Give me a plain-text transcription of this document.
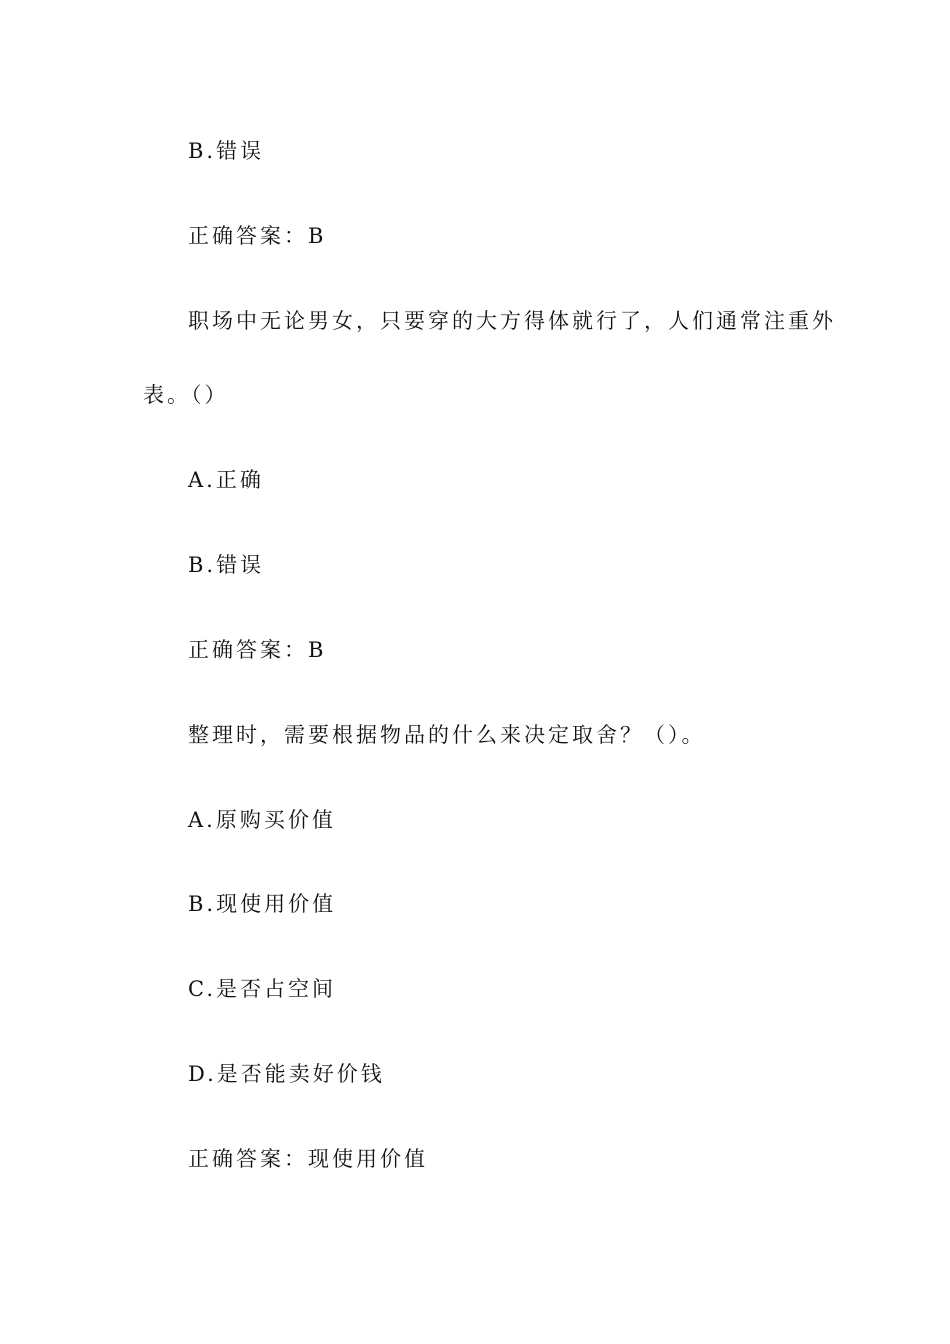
B.错误

正确答案：B

职场中无论男女，只要穿的大方得体就行了，人们通常注重外

表。（）

A.正确

B.错误

正确答案：B

整理时，需要根据物品的什么来决定取舍？（）。

A.原购买价值

B.现使用价值

C.是否占空间

D.是否能卖好价钱

正确答案：现使用价值
